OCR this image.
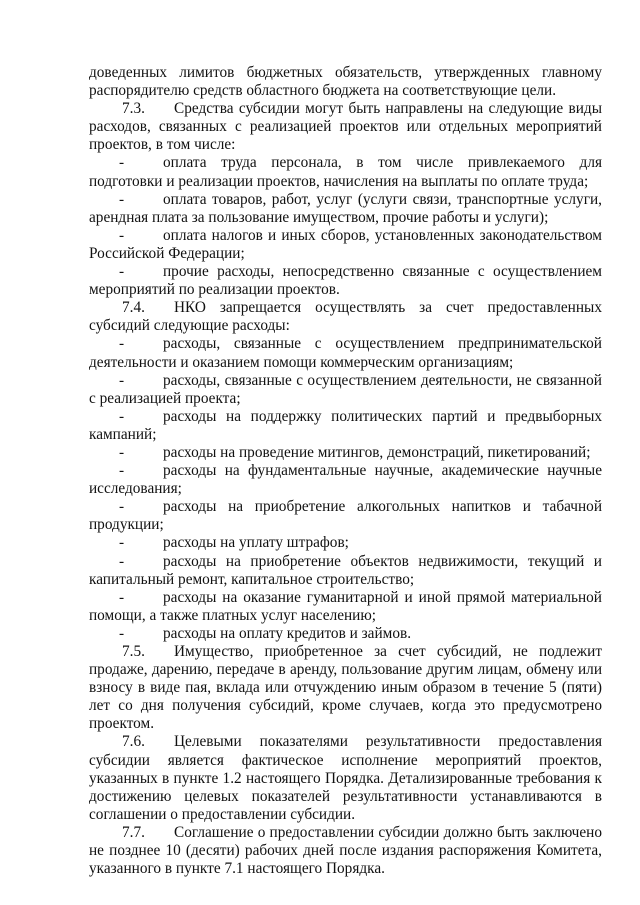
доведенных лимитов бюджетных обязательств, утвержденных главному распорядителю средств областного бюджета на соответствующие цели.

7.3. Средства субсидии могут быть направлены на следующие виды расходов, связанных с реализацией проектов или отдельных мероприятий проектов, в том числе:

-	оплата труда персонала, в том числе привлекаемого для подготовки и реализации проектов, начисления на выплаты по оплате труда;

-	оплата товаров, работ, услуг (услуги связи, транспортные услуги, арендная плата за пользование имуществом, прочие работы и услуги);

-	оплата налогов и иных сборов, установленных законодательством Российской Федерации;

-	прочие расходы, непосредственно связанные с осуществлением мероприятий по реализации проектов.

7.4. НКО запрещается осуществлять за счет предоставленных субсидий следующие расходы:

-	расходы, связанные с осуществлением предпринимательской деятельности и оказанием помощи коммерческим организациям;

-	расходы, связанные с осуществлением деятельности, не связанной с реализацией проекта;

-	расходы на поддержку политических партий и предвыборных кампаний;

-	расходы на проведение митингов, демонстраций, пикетирований;

-	расходы на фундаментальные научные, академические научные исследования;

-	расходы на приобретение алкогольных напитков и табачной продукции;

-	расходы на уплату штрафов;

-	расходы на приобретение объектов недвижимости, текущий и капитальный ремонт, капитальное строительство;

-	расходы на оказание гуманитарной и иной прямой материальной помощи, а также платных услуг населению;

-	расходы на оплату кредитов и займов.

7.5. Имущество, приобретенное за счет субсидий, не подлежит продаже, дарению, передаче в аренду, пользование другим лицам, обмену или взносу в виде пая, вклада или отчуждению иным образом в течение 5 (пяти) лет со дня получения субсидий, кроме случаев, когда это предусмотрено проектом.

7.6. Целевыми показателями результативности предоставления субсидии является фактическое исполнение мероприятий проектов, указанных в пункте 1.2 настоящего Порядка. Детализированные требования к достижению целевых показателей результативности устанавливаются в соглашении о предоставлении субсидии.

7.7. Соглашение о предоставлении субсидии должно быть заключено не позднее 10 (десяти) рабочих дней после издания распоряжения Комитета, указанного в пункте 7.1 настоящего Порядка.
